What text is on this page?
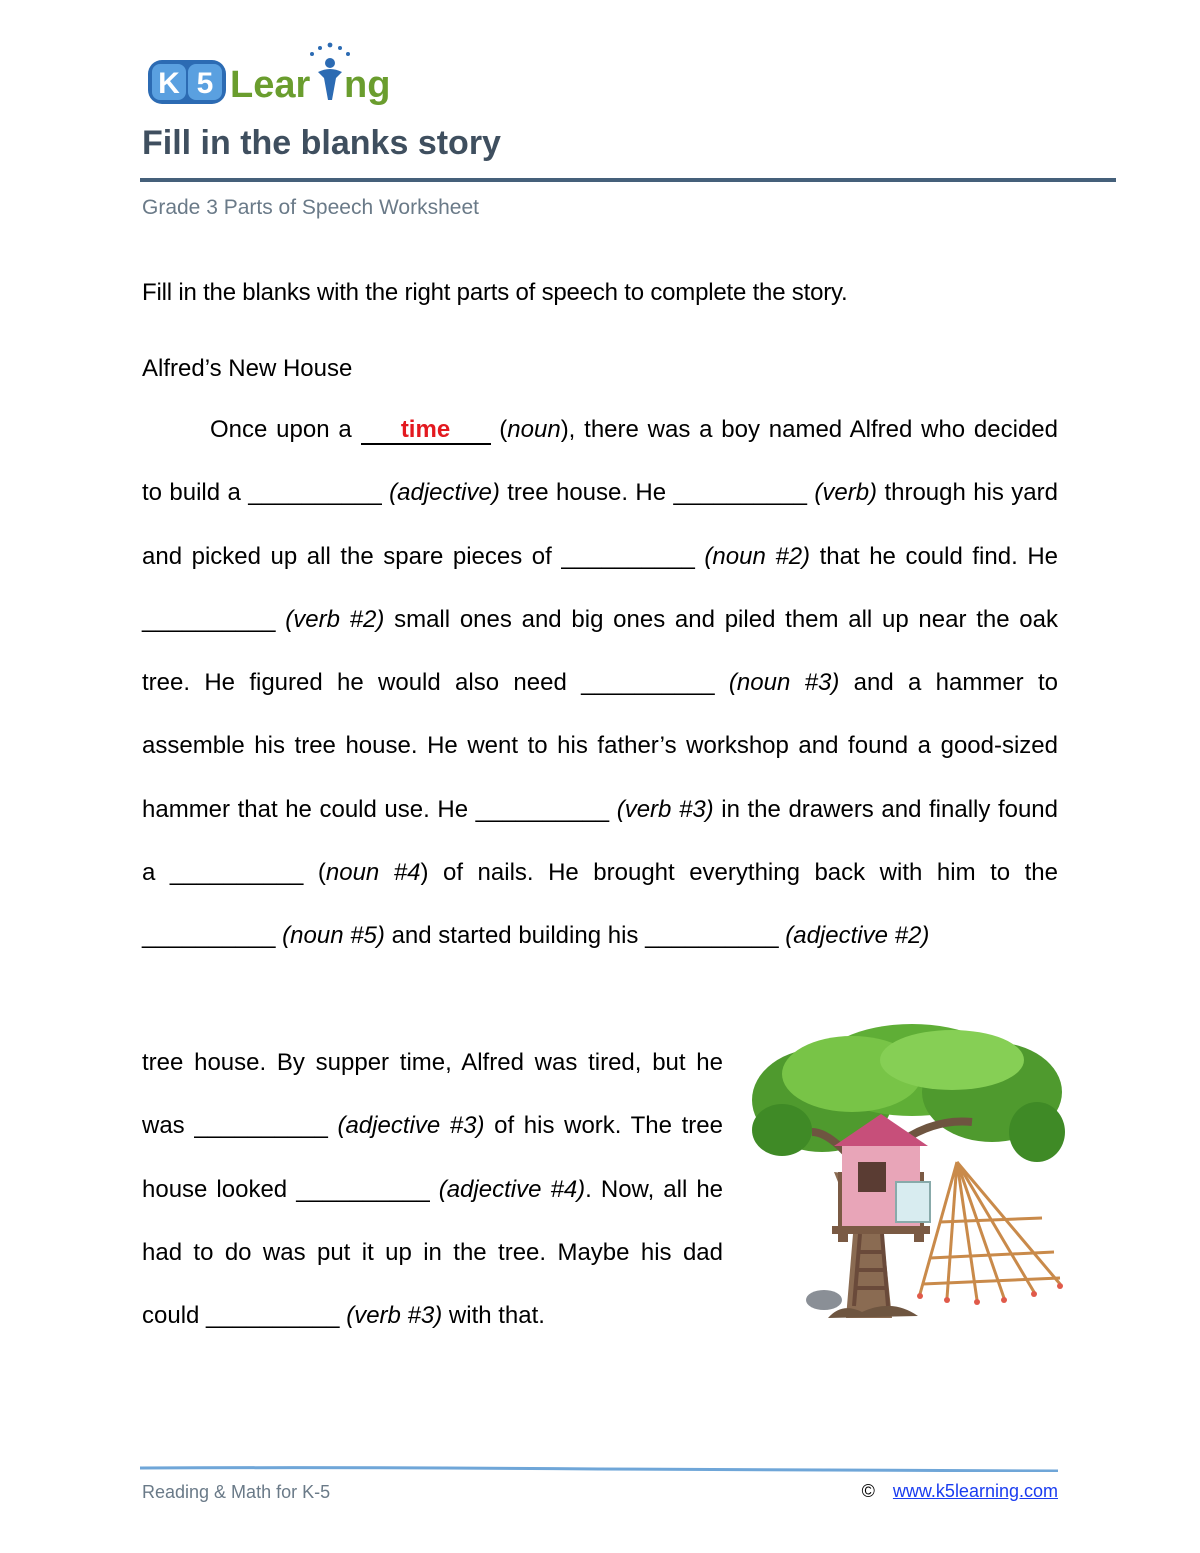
K 5 Lear ng
Fill in the blanks story
Grade 3 Parts of Speech Worksheet
Fill in the blanks with the right parts of speech to complete the story.
Alfred’s New House

Once upon a time (noun), there was a boy named Alfred who decided to build a __________ (adjective) tree house. He __________ (verb) through his yard and picked up all the spare pieces of __________ (noun #2) that he could find. He __________ (verb #2) small ones and big ones and piled them all up near the oak tree. He figured he would also need __________ (noun #3) and a hammer to assemble his tree house. He went to his father’s workshop and found a good-sized hammer that he could use. He __________ (verb #3) in the drawers and finally found a __________ (noun #4) of nails. He brought everything back with him to the __________ (noun #5) and started building his __________ (adjective #2)

tree house. By supper time, Alfred was tired, but he was __________ (adjective #3) of his work. The tree house looked __________ (adjective #4). Now, all he had to do was put it up in the tree. Maybe his dad could __________ (verb #3) with that.

Reading & Math for K-5	© www.k5learning.com
